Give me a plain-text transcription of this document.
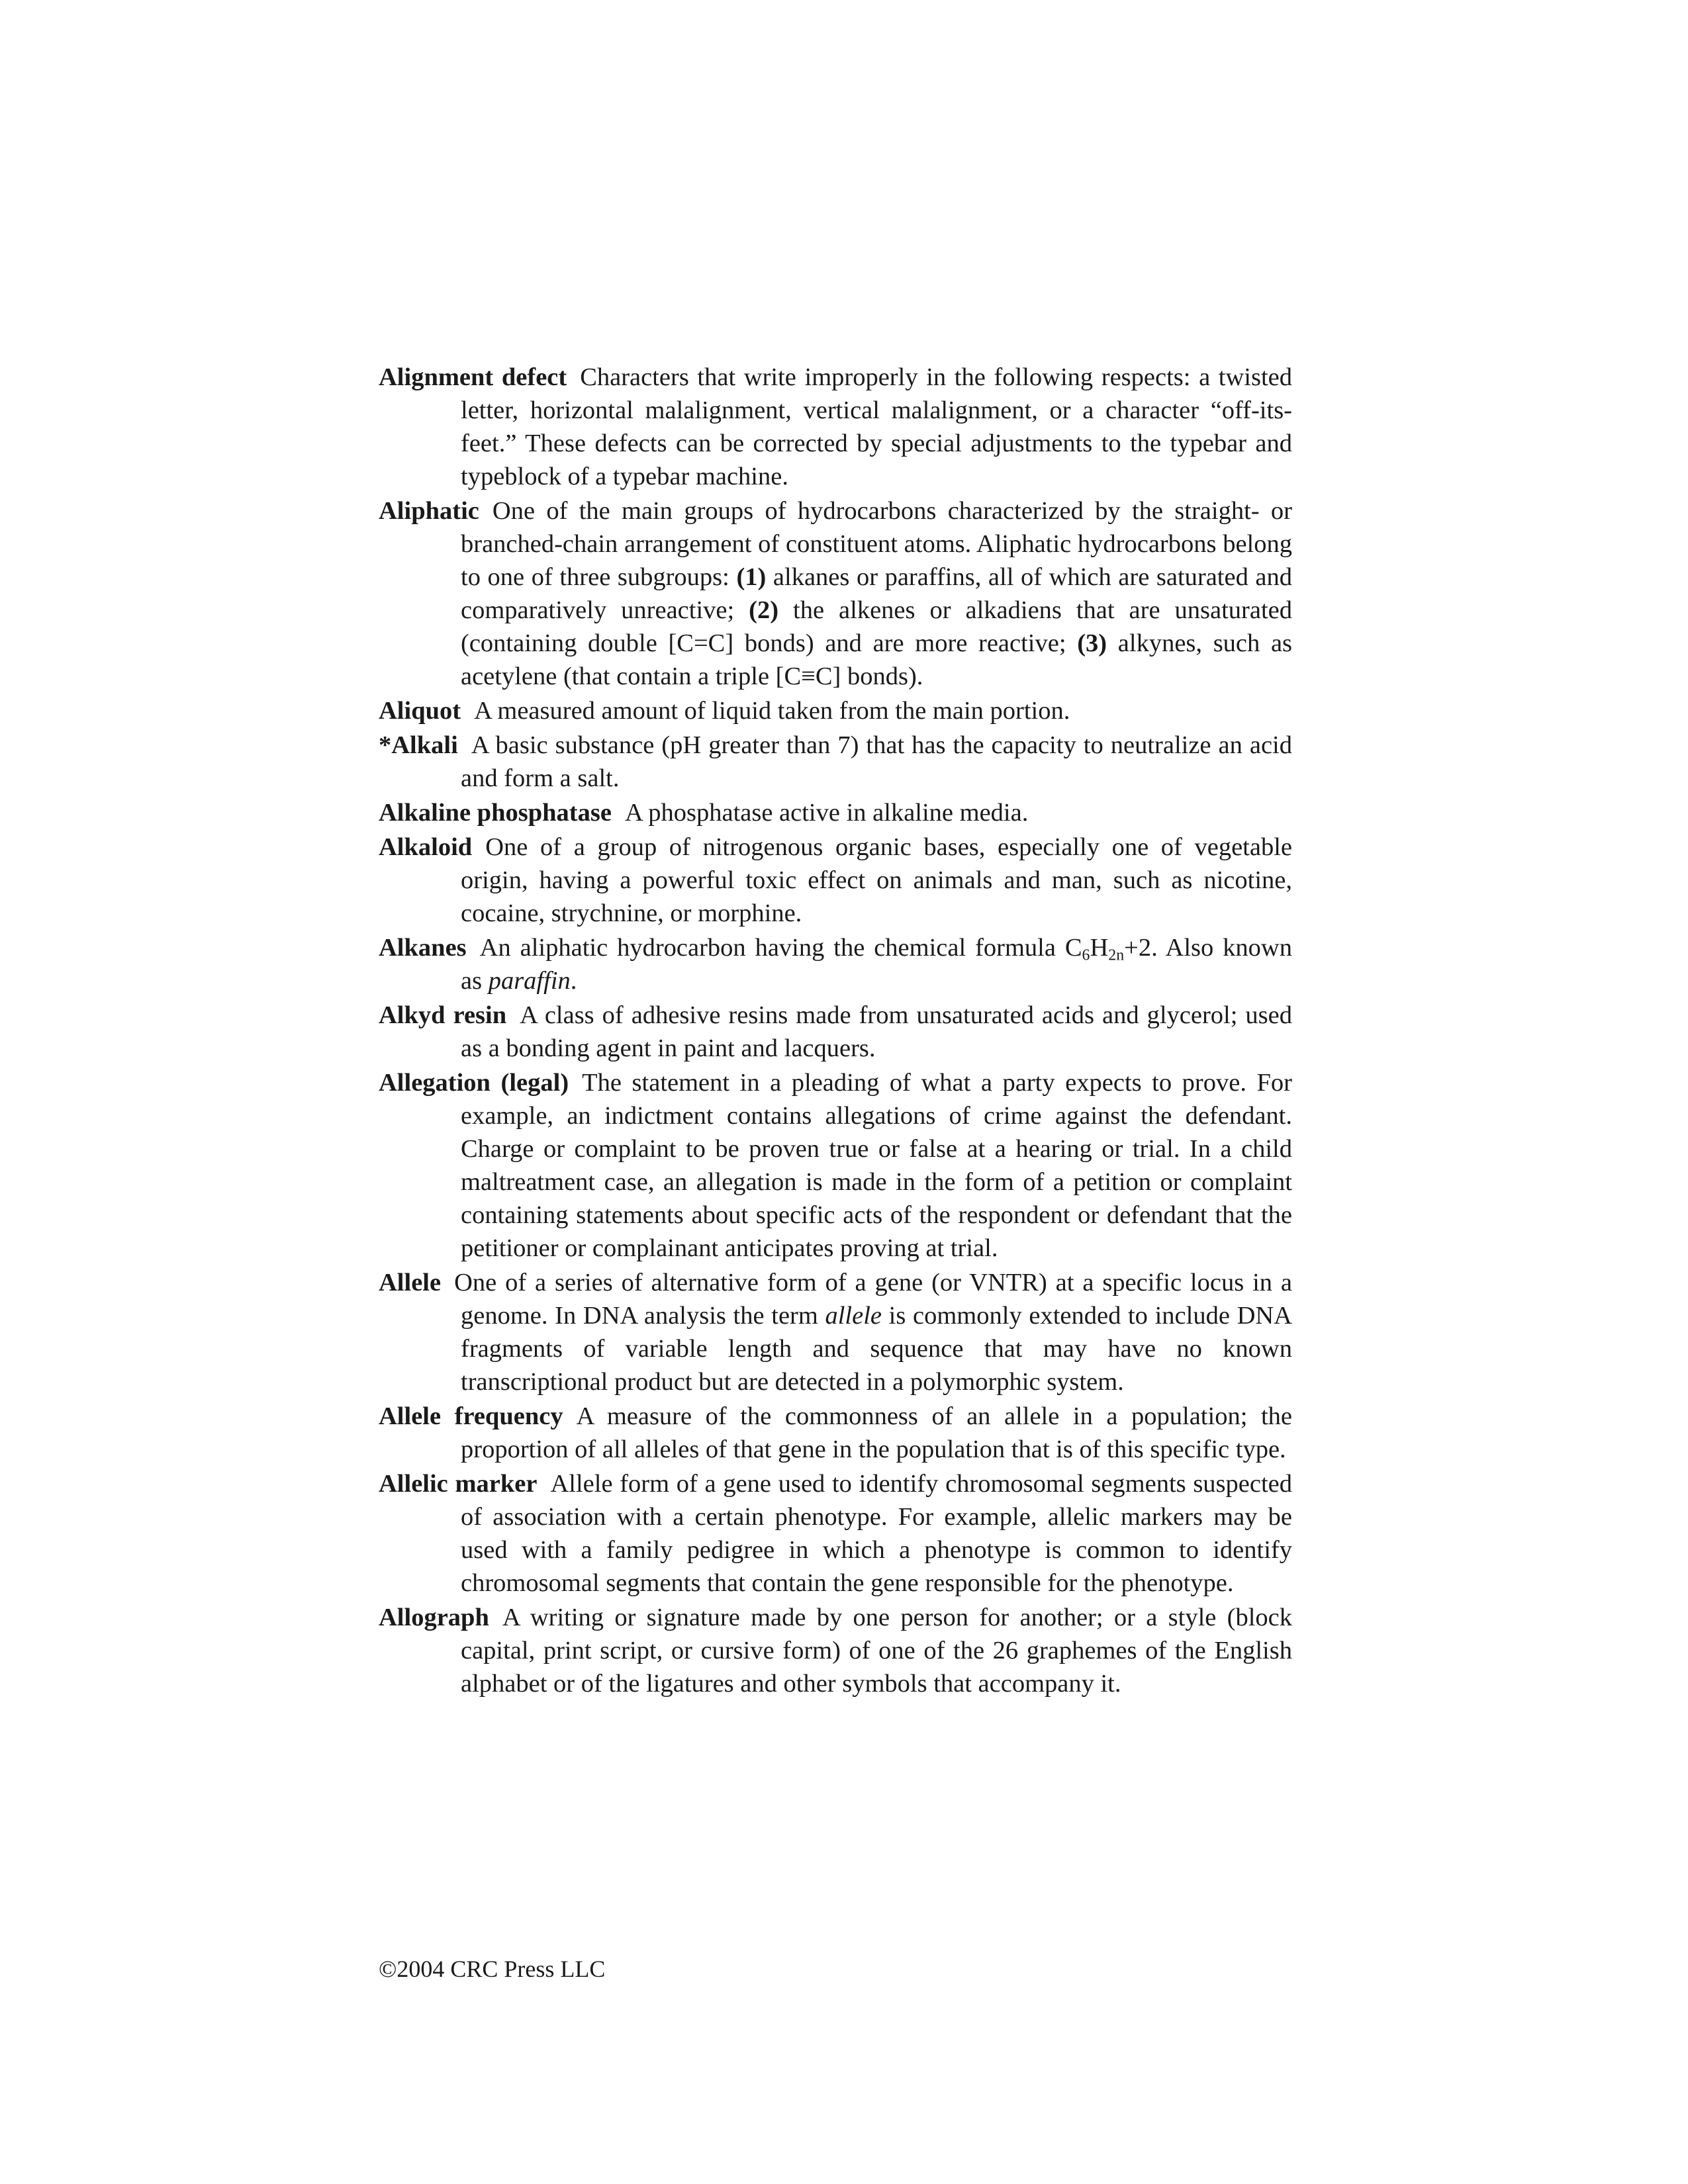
Alignment defect Characters that write improperly in the following respects: a twisted letter, horizontal malalignment, vertical malalignment, or a character “off-its-feet.” These defects can be corrected by special adjustments to the typebar and typeblock of a typebar machine.

Aliphatic One of the main groups of hydrocarbons characterized by the straight- or branched-chain arrangement of constituent atoms. Aliphatic hydrocarbons belong to one of three subgroups: (1) alkanes or paraffins, all of which are saturated and comparatively unreactive; (2) the alkenes or alkadiens that are unsaturated (containing double [C=C] bonds) and are more reactive; (3) alkynes, such as acetylene (that contain a triple [C≡C] bonds).

Aliquot A measured amount of liquid taken from the main portion.

*Alkali A basic substance (pH greater than 7) that has the capacity to neutralize an acid and form a salt.

Alkaline phosphatase A phosphatase active in alkaline media.

Alkaloid One of a group of nitrogenous organic bases, especially one of vegetable origin, having a powerful toxic effect on animals and man, such as nicotine, cocaine, strychnine, or morphine.

Alkanes An aliphatic hydrocarbon having the chemical formula $C_6H_{2n}+2$. Also known as paraffin.

Alkyd resin A class of adhesive resins made from unsaturated acids and glycerol; used as a bonding agent in paint and lacquers.

Allegation (legal) The statement in a pleading of what a party expects to prove. For example, an indictment contains allegations of crime against the defendant. Charge or complaint to be proven true or false at a hearing or trial. In a child maltreatment case, an allegation is made in the form of a petition or complaint containing statements about specific acts of the respondent or defendant that the petitioner or complainant anticipates proving at trial.

Allele One of a series of alternative form of a gene (or VNTR) at a specific locus in a genome. In DNA analysis the term allele is commonly extended to include DNA fragments of variable length and sequence that may have no known transcriptional product but are detected in a polymorphic system.

Allele frequency A measure of the commonness of an allele in a population; the proportion of all alleles of that gene in the population that is of this specific type.

Allelic marker Allele form of a gene used to identify chromosomal segments suspected of association with a certain phenotype. For example, allelic markers may be used with a family pedigree in which a phenotype is common to identify chromosomal segments that contain the gene responsible for the phenotype.

Allograph A writing or signature made by one person for another; or a style (block capital, print script, or cursive form) of one of the 26 graphemes of the English alphabet or of the ligatures and other symbols that accompany it.

©2004 CRC Press LLC
